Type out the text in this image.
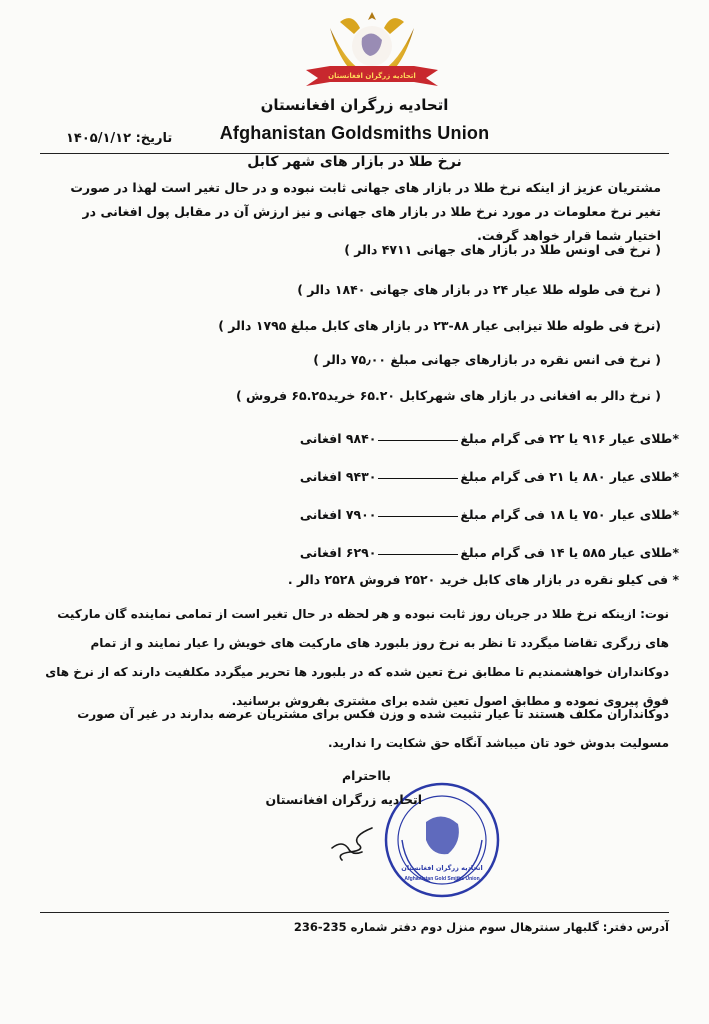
اتحادیه زرگران افغانستان
اتحادیه زرگران افغانستان
Afghanistan Goldsmiths Union
تاریخ: ۱۴۰۵/۱/۱۲
نرخ طلا در بازار های شهر کابل
مشتریان عزیز از اینکه نرخ طلا در بازار های جهانی ثابت نبوده و در حال تغیر است لهذا در صورت تغیر نرخ معلومات در مورد نرخ طلا در بازار های جهانی و نیز ارزش آن در مقابل پول افغانی در اختیار شما قرار خواهد گرفت.
( نرخ فی اونس طلا در بازار های جهانی ۴۷۱۱ دالر )
( نرخ فی طوله طلا عیار ۲۴ در بازار های جهانی ۱۸۴۰ دالر )
(نرخ فی طوله طلا تیزابی عیار ۸۸-۲۳ در بازار های کابل مبلغ ۱۷۹۵ دالر )
( نرخ فی انس نقره در بازارهای جهانی مبلغ ۷۵٫۰۰ دالر )
( نرخ دالر به افغانی در بازار های شهرکابل ۶۵.۲۰ خرید۶۵.۲۵ فروش )
*طلای عیار ۹۱۶ یا ۲۲ فی گرام مبلغ
۹۸۴۰ افغانی
*طلای عیار ۸۸۰ یا ۲۱ فی گرام مبلغ
۹۴۳۰ افغانی
*طلای عیار ۷۵۰ یا ۱۸ فی گرام مبلغ
۷۹۰۰ افغانی
*طلای عیار ۵۸۵ یا ۱۴ فی گرام مبلغ
۶۲۹۰ افغانی
* فی کیلو نقره در بازار های کابل خرید ۲۵۲۰ فروش ۲۵۲۸ دالر .
نوت: ازینکه نرخ طلا در جریان روز ثابت نبوده و هر لحظه در حال تغیر است از تمامی نماینده گان مارکیت های زرگری تقاضا میگردد تا نظر به نرخ روز بلبورد های مارکیت های خویش را عیار نمایند و از تمام دوکانداران خواهشمندیم تا مطابق نرخ تعین شده که در بلبورد ها تحریر میگردد مکلفیت دارند که از نرخ های فوق پیروی نموده و مطابق اصول تعین شده برای مشتری بفروش برسانید.
دوکانداران مکلف هستند تا عیار تثبیت شده و وزن فکس برای مشتریان عرضه بدارند در غیر آن صورت مسولیت بدوش خود تان میباشد آنگاه حق شکایت را ندارید.
اتحادیه زرگران افغانستان
Afghanistan Gold Smiths Union
بااحترام
اتحادیه زرگران افغانستان
آدرس دفتر: گلبهار سنترهال سوم منزل دوم دفتر شماره 235-236
